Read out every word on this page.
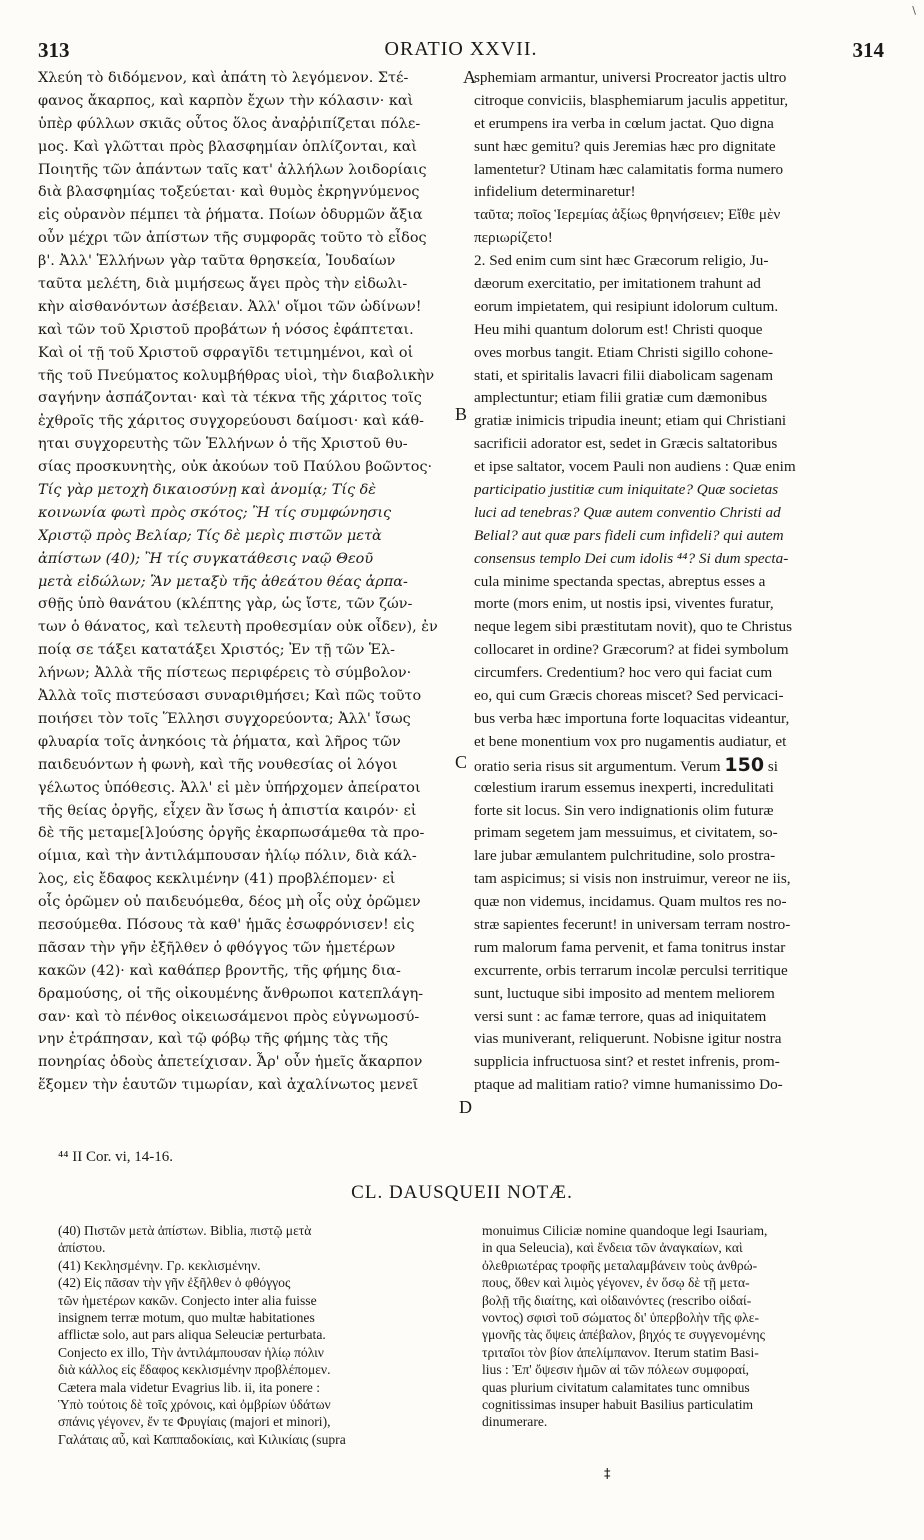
313	ORATIO XXVII.	314
\
Χλεύη τὸ διδόμενον, καὶ ἀπάτη τὸ λεγόμενον. Στέ-
φανος ἄκαρπος, καὶ καρπὸν ἔχων τὴν κόλασιν· καὶ
ὑπὲρ φύλλων σκιᾶς οὗτος ὅλος ἀναῤῥιπίζεται πόλε-
μος. Καὶ γλῶτται πρὸς βλασφημίαν ὁπλίζονται, καὶ
Ποιητῆς τῶν ἁπάντων ταῖς κατ' ἀλλήλων λοιδορίαις
διὰ βλασφημίας τοξεύεται· καὶ θυμὸς ἐκρηγνύμενος
εἰς οὐρανὸν πέμπει τὰ ῥήματα. Ποίων ὀδυρμῶν ἄξια
οὖν μέχρι τῶν ἀπίστων τῆς συμφορᾶς τοῦτο τὸ εἶδος
β'. Ἀλλ' Ἑλλήνων γὰρ ταῦτα θρησκεία, Ἰουδαίων
ταῦτα μελέτη, διὰ μιμήσεως ἄγει πρὸς τὴν εἰδωλι-
κὴν αἰσθανόντων ἀσέβειαν. Ἀλλ' οἴμοι τῶν ὠδίνων!
καὶ τῶν τοῦ Χριστοῦ προβάτων ἡ νόσος ἐφάπτεται.
Καὶ οἱ τῇ τοῦ Χριστοῦ σφραγῖδι τετιμημένοι, καὶ οἱ
τῆς τοῦ Πνεύματος κολυμβήθρας υἱοὶ, τὴν διαβολικὴν
σαγήνην ἀσπάζονται· καὶ τὰ τέκνα τῆς χάριτος τοῖς
ἐχθροῖς τῆς χάριτος συγχορεύουσι δαίμοσι· καὶ κάθ-
ηται συγχορευτὴς τῶν Ἑλλήνων ὁ τῆς Χριστοῦ θυ-
σίας προσκυνητὴς, οὐκ ἀκούων τοῦ Παύλου βοῶντος·
Τίς γὰρ μετοχὴ δικαιοσύνῃ καὶ ἀνομίᾳ; Τίς δὲ
κοινωνία φωτὶ πρὸς σκότος; Ἢ τίς συμφώνησις
Χριστῷ πρὸς Βελίαρ; Τίς δὲ μερὶς πιστῶν μετὰ
ἀπίστων (40); Ἢ τίς συγκατάθεσις ναῷ Θεοῦ
μετὰ εἰδώλων; Ἂν μεταξὺ τῆς ἀθεάτου θέας ἁρπα-
σθῇς ὑπὸ θανάτου (κλέπτης γὰρ, ὡς ἴστε, τῶν ζών-
των ὁ θάνατος, καὶ τελευτὴ προθεσμίαν οὐκ οἶδεν), ἐν
ποίᾳ σε τάξει κατατάξει Χριστός; Ἐν τῇ τῶν Ἑλ-
λήνων; Ἀλλὰ τῆς πίστεως περιφέρεις τὸ σύμβολον·
Ἀλλὰ τοῖς πιστεύσασι συναριθμήσει; Καὶ πῶς τοῦτο
ποιήσει τὸν τοῖς Ἕλλησι συγχορεύοντα; Ἀλλ' ἴσως
φλυαρία τοῖς ἀνηκόοις τὰ ῥήματα, καὶ λῆρος τῶν
παιδευόντων ἡ φωνὴ, καὶ τῆς νουθεσίας οἱ λόγοι
γέλωτος ὑπόθεσις. Ἀλλ' εἰ μὲν ὑπήρχομεν ἀπείρατοι
τῆς θείας ὀργῆς, εἶχεν ἂν ἴσως ἡ ἀπιστία καιρόν· εἰ
δὲ τῆς μεταμε[λ]ούσης ὀργῆς ἐκαρπωσάμεθα τὰ προ-
οίμια, καὶ τὴν ἀντιλάμπουσαν ἡλίῳ πόλιν, διὰ κάλ-
λος, εἰς ἔδαφος κεκλιμένην (41) προβλέπομεν· εἰ
οἷς ὁρῶμεν οὐ παιδευόμεθα, δέος μὴ οἷς οὐχ ὁρῶμεν
πεσούμεθα. Πόσους τὰ καθ' ἡμᾶς ἐσωφρόνισεν! εἰς
πᾶσαν τὴν γῆν ἐξῆλθεν ὁ φθόγγος τῶν ἡμετέρων
κακῶν (42)· καὶ καθάπερ βροντῆς, τῆς φήμης δια-
δραμούσης, οἱ τῆς οἰκουμένης ἄνθρωποι κατεπλάγη-
σαν· καὶ τὸ πένθος οἰκειωσάμενοι πρὸς εὐγνωμοσύ-
νην ἐτράπησαν, καὶ τῷ φόβῳ τῆς φήμης τὰς τῆς
πονηρίας ὁδοὺς ἀπετείχισαν. Ἆρ' οὖν ἡμεῖς ἄκαρπον
ἕξομεν τὴν ἑαυτῶν τιμωρίαν, καὶ ἀχαλίνωτος μενεῖ
sphemiam armantur, universi Procreator jactis ultro
citroque conviciis, blasphemiarum jaculis appetitur,
et erumpens ira verba in cœlum jactat. Quo digna
sunt hæc gemitu? quis Jeremias hæc pro dignitate
lamentetur? Utinam hæc calamitatis forma numero
infidelium determinaretur!
ταῦτα; ποῖος Ἱερεμίας ἀξίως θρηνήσειεν; Εἴθε μὲν
περιωρίζετο!
2. Sed enim cum sint hæc Græcorum religio, Ju-
dæorum exercitatio, per imitationem trahunt ad
eorum impietatem, qui resipiunt idolorum cultum.
Heu mihi quantum dolorum est! Christi quoque
oves morbus tangit. Etiam Christi sigillo cohone-
stati, et spiritalis lavacri filii diabolicam sagenam
amplectuntur; etiam filii gratiæ cum dæmonibus
gratiæ inimicis tripudia ineunt; etiam qui Christiani
sacrificii adorator est, sedet in Græcis saltatoribus
et ipse saltator, vocem Pauli non audiens : Quæ enim
participatio justitiæ cum iniquitate? Quæ societas
luci ad tenebras? Quæ autem conventio Christi ad
Belial? aut quæ pars fideli cum infideli? qui autem
consensus templo Dei cum idolis ⁴⁴? Si dum specta-
cula minime spectanda spectas, abreptus esses a
morte (mors enim, ut nostis ipsi, viventes furatur,
neque legem sibi præstitutam novit), quo te Christus
collocaret in ordine? Græcorum? at fidei symbolum
circumfers. Credentium? hoc vero qui faciat cum
eo, qui cum Græcis choreas miscet? Sed pervicaci-
bus verba hæc importuna forte loquacitas videantur,
et bene monentium vox pro nugamentis audiatur, et
oratio seria risus sit argumentum. Verum 150 si
cœlestium irarum essemus inexperti, incredulitati
forte sit locus. Sin vero indignationis olim futuræ
primam segetem jam messuimus, et civitatem, so-
lare jubar æmulantem pulchritudine, solo prostra-
tam aspicimus; si visis non instruimur, vereor ne iis,
quæ non videmus, incidamus. Quam multos res no-
stræ sapientes fecerunt! in universam terram nostro-
rum malorum fama pervenit, et fama tonitrus instar
excurrente, orbis terrarum incolæ perculsi territique
sunt, luctuque sibi imposito ad mentem meliorem
versi sunt : ac famæ terrore, quas ad iniquitatem
vias muniverant, reliquerunt. Nobisne igitur nostra
supplicia infructuosa sint? et restet infrenis, prom-
ptaque ad malitiam ratio? vimne humanissimo Do-
A
B
C
D
⁴⁴ II Cor. vi, 14-16.
CL. DAUSQUEII NOTÆ.
(40) Πιστῶν μετὰ ἀπίστων. Biblia, πιστῷ μετὰ
ἀπίστου.
(41) Κεκλησμένην. Γρ. κεκλισμένην.
(42) Εἰς πᾶσαν τὴν γῆν ἐξῆλθεν ὁ φθόγγος
τῶν ἡμετέρων κακῶν. Conjecto inter alia fuisse
insignem terræ motum, quo multæ habitationes
afflictæ solo, aut pars aliqua Seleuciæ perturbata.
Conjecto ex illo, Τὴν ἀντιλάμπουσαν ἡλίῳ πόλιν
διὰ κάλλος εἰς ἔδαφος κεκλισμένην προβλέπομεν.
Cætera mala videtur Evagrius lib. ii, ita ponere :
Ὑπὸ τούτοις δὲ τοῖς χρόνοις, καὶ ὀμβρίων ὑδάτων
σπάνις γέγονεν, ἔν τε Φρυγίαις (majori et minori),
Γαλάταις αὖ, καὶ Καππαδοκίαις, καὶ Κιλικίαις (supra
monuimus Ciliciæ nomine quandoque legi Isauriam,
in qua Seleucia), καὶ ἔνδεια τῶν ἀναγκαίων, καὶ
ὀλεθριωτέρας τροφῆς μεταλαμβάνειν τοὺς ἀνθρώ-
πους, ὅθεν καὶ λιμὸς γέγονεν, ἐν ὅσῳ δὲ τῇ μετα-
βολῇ τῆς διαίτης, καὶ οἰδαινόντες (rescribo οἰδαί-
νοντος) σφισὶ τοῦ σώματος δι' ὑπερβολὴν τῆς φλε-
γμονῆς τὰς ὄψεις ἀπέβαλον, βηχός τε συγγενομένης
τριταῖοι τὸν βίον ἀπελίμπανον. Iterum statim Basi-
lius : Ἐπ' ὄψεσιν ἡμῶν αἱ τῶν πόλεων συμφοραί,
quas plurium civitatum calamitates tunc omnibus
cognitissimas insuper habuit Basilius particulatim
dinumerare.
‡
